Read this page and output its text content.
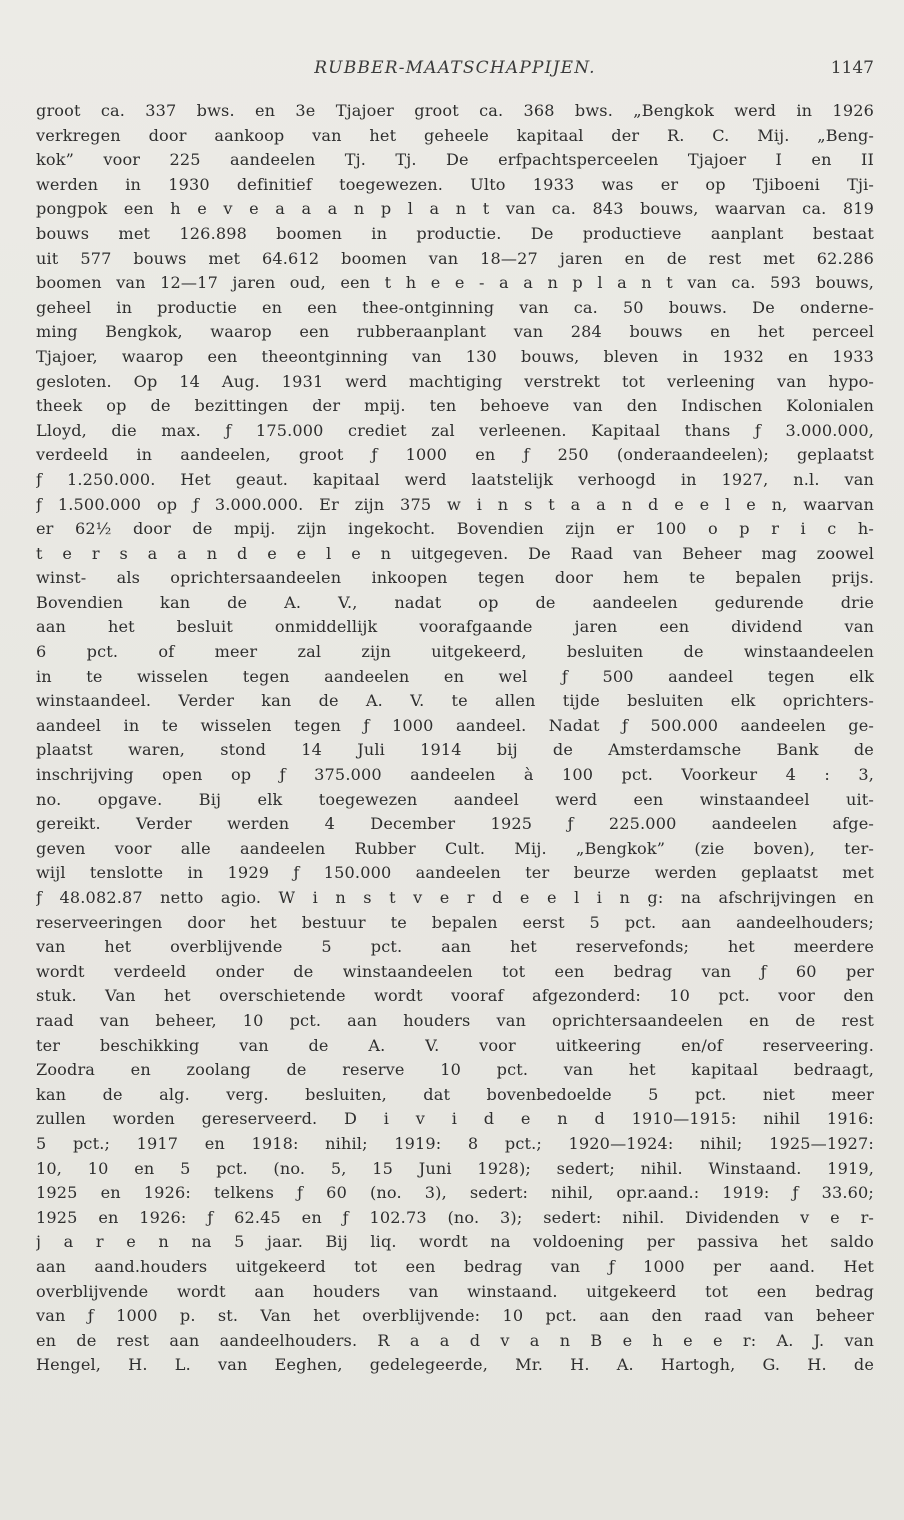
RUBBER-MAATSCHAPPIJEN.	1147
groot ca. 337 bws. en 3e Tjajoer groot ca. 368 bws. „Bengkok werd in 1926
verkregen door aankoop van het geheele kapitaal der R. C. Mij. „Beng-
kok” voor 225 aandeelen Tj. Tj. De erfpachtsperceelen Tjajoer I en II
werden in 1930 definitief toegewezen. Ulto 1933 was er op Tjiboeni Tji-
pongpok een h e v e a a a n p l a n t van ca. 843 bouws, waarvan ca. 819
bouws met 126.898 boomen in productie. De productieve aanplant bestaat
uit 577 bouws met 64.612 boomen van 18—27 jaren en de rest met 62.286
boomen van 12—17 jaren oud, een t h e e - a a n p l a n t van ca. 593 bouws,
geheel in productie en een thee-ontginning van ca. 50 bouws. De onderne-
ming Bengkok, waarop een rubberaanplant van 284 bouws en het perceel
Tjajoer, waarop een theeontginning van 130 bouws, bleven in 1932 en 1933
gesloten. Op 14 Aug. 1931 werd machtiging verstrekt tot verleening van hypo-
theek op de bezittingen der mpij. ten behoeve van den Indischen Kolonialen
Lloyd, die max. ƒ 175.000 crediet zal verleenen. Kapitaal thans ƒ 3.000.000,
verdeeld in aandeelen, groot ƒ 1000 en ƒ 250 (onderaandeelen); geplaatst
ƒ 1.250.000. Het geaut. kapitaal werd laatstelijk verhoogd in 1927, n.l. van
ƒ 1.500.000 op ƒ 3.000.000. Er zijn 375 w i n s t a a n d e e l e n, waarvan
er 62½ door de mpij. zijn ingekocht. Bovendien zijn er 100 o p r i c h-
t e r s a a n d e e l e n uitgegeven. De Raad van Beheer mag zoowel
winst- als oprichtersaandeelen inkoopen tegen door hem te bepalen prijs.
Bovendien kan de A. V., nadat op de aandeelen gedurende drie
aan het besluit onmiddellijk voorafgaande jaren een dividend van
6 pct. of meer zal zijn uitgekeerd, besluiten de winstaandeelen
in te wisselen tegen aandeelen en wel ƒ 500 aandeel tegen elk
winstaandeel. Verder kan de A. V. te allen tijde besluiten elk oprichters-
aandeel in te wisselen tegen ƒ 1000 aandeel. Nadat ƒ 500.000 aandeelen ge-
plaatst waren, stond 14 Juli 1914 bij de Amsterdamsche Bank de
inschrijving open op ƒ 375.000 aandeelen à 100 pct. Voorkeur 4 : 3,
no. opgave. Bij elk toegewezen aandeel werd een winstaandeel uit-
gereikt. Verder werden 4 December 1925 ƒ 225.000 aandeelen afge-
geven voor alle aandeelen Rubber Cult. Mij. „Bengkok” (zie boven), ter-
wijl tenslotte in 1929 ƒ 150.000 aandeelen ter beurze werden geplaatst met
ƒ 48.082.87 netto agio. W i n s t v e r d e e l i n g: na afschrijvingen en
reserveeringen door het bestuur te bepalen eerst 5 pct. aan aandeelhouders;
van het overblijvende 5 pct. aan het reservefonds; het meerdere
wordt verdeeld onder de winstaandeelen tot een bedrag van ƒ 60 per
stuk. Van het overschietende wordt vooraf afgezonderd: 10 pct. voor den
raad van beheer, 10 pct. aan houders van oprichtersaandeelen en de rest
ter beschikking van de A. V. voor uitkeering en/of reserveering.
Zoodra en zoolang de reserve 10 pct. van het kapitaal bedraagt,
kan de alg. verg. besluiten, dat bovenbedoelde 5 pct. niet meer
zullen worden gereserveerd. D i v i d e n d 1910—1915: nihil 1916:
5 pct.; 1917 en 1918: nihil; 1919: 8 pct.; 1920—1924: nihil; 1925—1927:
10, 10 en 5 pct. (no. 5, 15 Juni 1928); sedert; nihil. Winstaand. 1919,
1925 en 1926: telkens ƒ 60 (no. 3), sedert: nihil, opr.aand.: 1919: ƒ 33.60;
1925 en 1926: ƒ 62.45 en ƒ 102.73 (no. 3); sedert: nihil. Dividenden v e r-
j a r e n na 5 jaar. Bij liq. wordt na voldoening per passiva het saldo
aan aand.houders uitgekeerd tot een bedrag van ƒ 1000 per aand. Het
overblijvende wordt aan houders van winstaand. uitgekeerd tot een bedrag
van ƒ 1000 p. st. Van het overblijvende: 10 pct. aan den raad van beheer
en de rest aan aandeelhouders. R a a d v a n B e h e e r: A. J. van
Hengel, H. L. van Eeghen, gedelegeerde, Mr. H. A. Hartogh, G. H. de
